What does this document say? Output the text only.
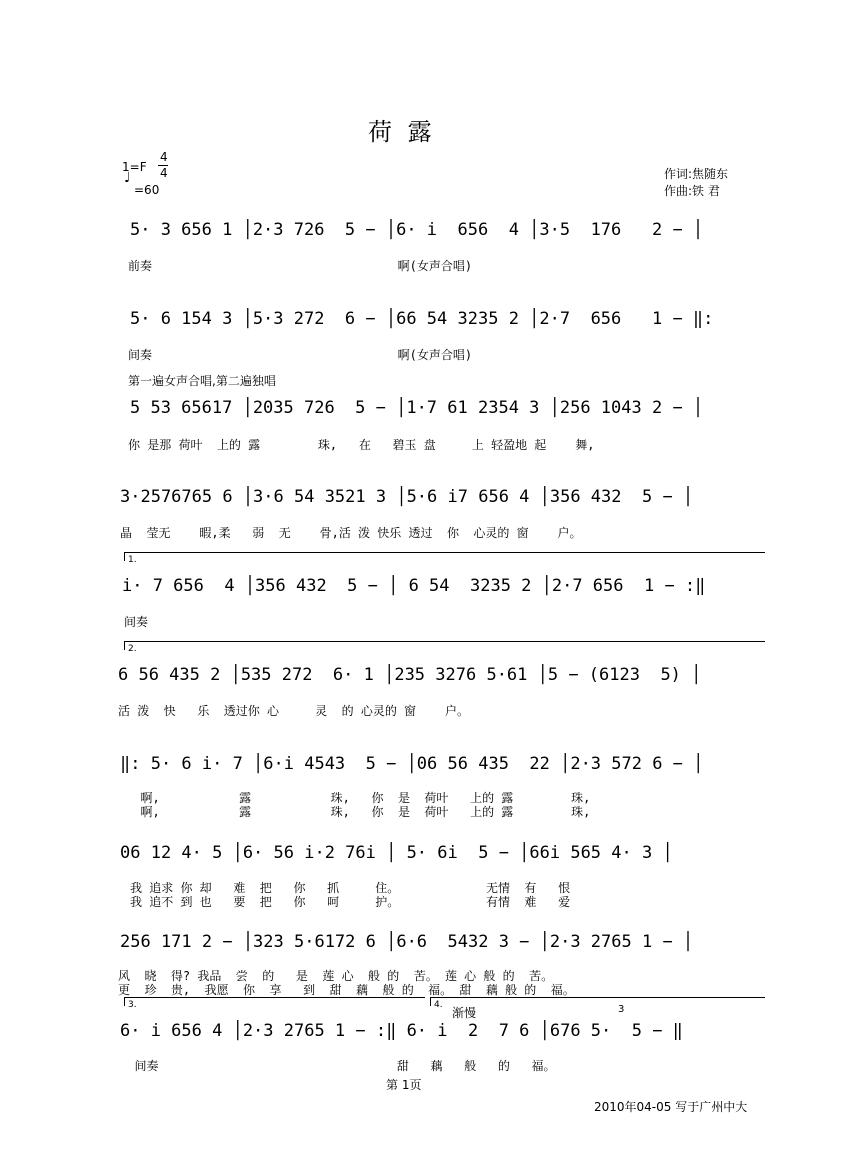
荷 露
1=F
4
4
♩
=60
作词:焦随东
作曲:铁 君
5· 3 656 1 │2·3 726  5 − │6· i  656  4 │3·5  176   2 − │
前奏                                  啊(女声合唱)
5· 6 154 3 │5·3 272  6 − │66 54 3235 2 │2·7  656   1 − ‖:
间奏                                  啊(女声合唱)
第一遍女声合唱,第二遍独唱
5 53 65617 │2035 726  5 − │1·7 61 2354 3 │256 1043 2 − │
你 是那 荷叶  上的 露        珠,   在   碧玉 盘     上 轻盈地 起    舞,
3·2576765 6 │3·6 54 3521 3 │5·6 i7 656 4 │356 432  5 − │
晶  莹无    暇,柔   弱  无    骨,活 泼 快乐 透过  你  心灵的 窗    户。
1.
i· 7 656  4 │356 432  5 − │ 6 54  3235 2 │2·7 656  1 − :‖
间奏
2.
6 56 435 2 │535 272  6· 1 │235 3276 5·61 │5 − (6123  5) │
活 泼  快   乐  透过你 心     灵  的 心灵的 窗    户。
‖: 5· 6 i· 7 │6·i 4543  5 − │06 56 435  22 │2·3 572 6 − │
啊,           露           珠,   你  是  荷叶   上的 露        珠,
啊,           露           珠,   你  是  荷叶   上的 露        珠,
06 12 4· 5 │6· 56 i·2 76i │ 5· 6i  5 − │66i 565 4· 3 │
我 追求 你 却   难  把   你   抓     住。            无情  有   恨
我 追不 到 也   要  把   你   呵     护。            有情  难   爱
256 171 2 − │323 5·6172 6 │6·6  5432 3 − │2·3 2765 1 − │
风  晓  得? 我品  尝  的   是  莲 心  般 的  苦。 莲 心 般 的  苦。
更  珍  贵,  我愿  你  享   到  甜  藕  般 的  福。 甜  藕 般 的  福。
3.	4.
渐慢	3
6· i 656 4 │2·3 2765 1 − :‖ 6· i  2  7 6 │676 5·  5 − ‖
间奏                                 甜   藕   般   的   福。
第 1页
2010年04-05 写于广州中大
